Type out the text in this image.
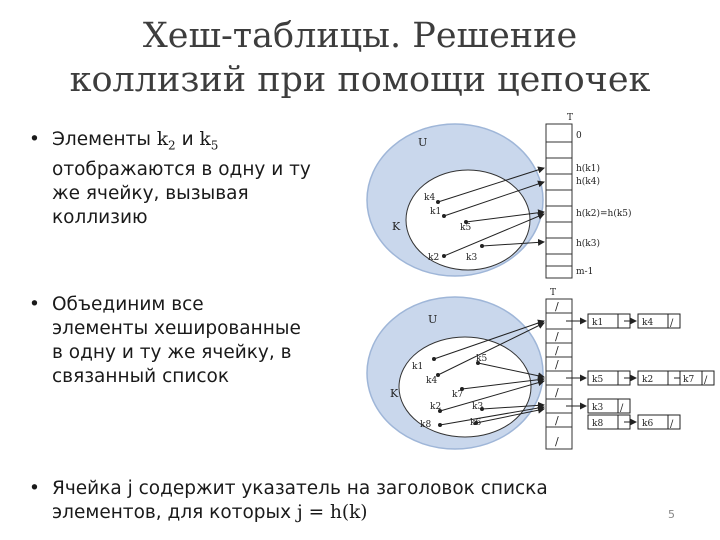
Хеш-таблицы. Решение
коллизий при помощи цепочек
• Элементы $k_2$ и $k_5$
отображаются в одну и ту
же ячейку, вызывая
коллизию
• Объединим все
элементы хешированные
в одну и ту же ячейку, в
связанный список
• Ячейка j содержит указатель на заголовок списка
элементов, для которых j = h(k)	5
U
K
T
0
h(k1)
h(k4)
h(k2)=h(k5)
h(k3)
m-1
k4
k1
k5
k2	k3
U
K
T
/
/
/
/
/
/
/
k1
k4
k5
k7
k2	k3
k8	k6
k1	k4 /
k5	k2	k7 /
k3 /
k8	k6 /
